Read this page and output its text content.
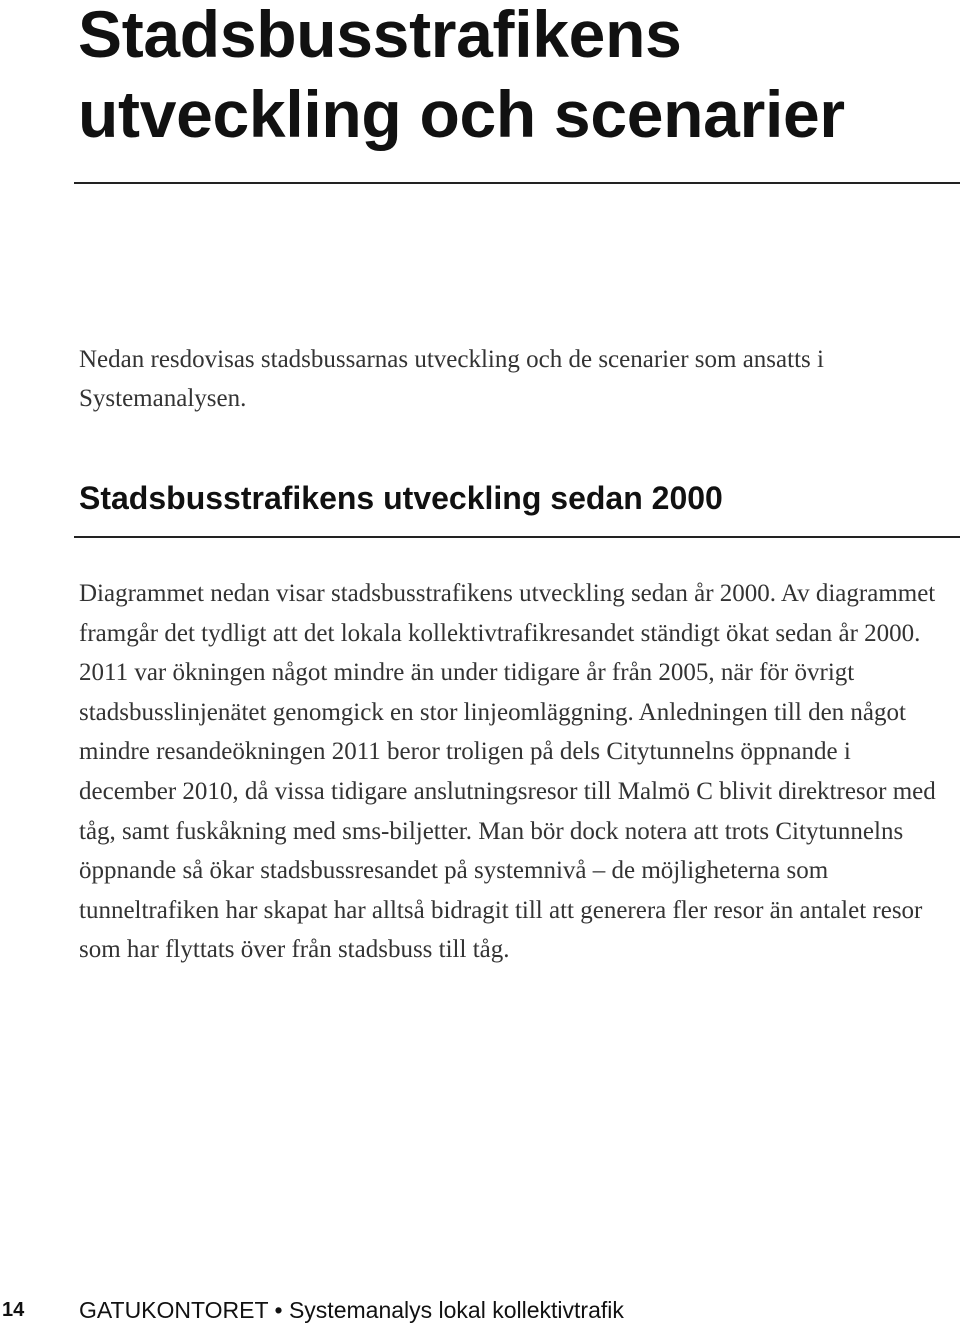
Stadsbusstrafikens utveckling och scenarier

Nedan resdovisas stadsbussarnas utveckling och de scenarier som ansatts i Systemanalysen.

Stadsbusstrafikens utveckling sedan 2000

Diagrammet nedan visar stadsbusstrafikens utveckling sedan år 2000. Av diagrammet framgår det tydligt att det lokala kollektivtrafikresandet ständigt ökat sedan år 2000. 2011 var ökningen något mindre än under tidigare år från 2005, när för övrigt stadsbusslinjenätet genomgick en stor linjeomläggning. Anledningen till den något mindre resandeökningen 2011 beror troligen på dels Citytunnelns öppnande i december 2010, då vissa tidigare anslutningsresor till Malmö C blivit direktresor med tåg, samt fuskåkning med sms-biljetter. Man bör dock notera att trots Citytunnelns öppnande så ökar stadsbussresandet på systemnivå – de möjligheterna som tunneltrafiken har skapat har alltså bidragit till att generera fler resor än antalet resor som har flyttats över från stadsbuss till tåg.

14 GATUKONTORET • Systemanalys lokal kollektivtrafik
